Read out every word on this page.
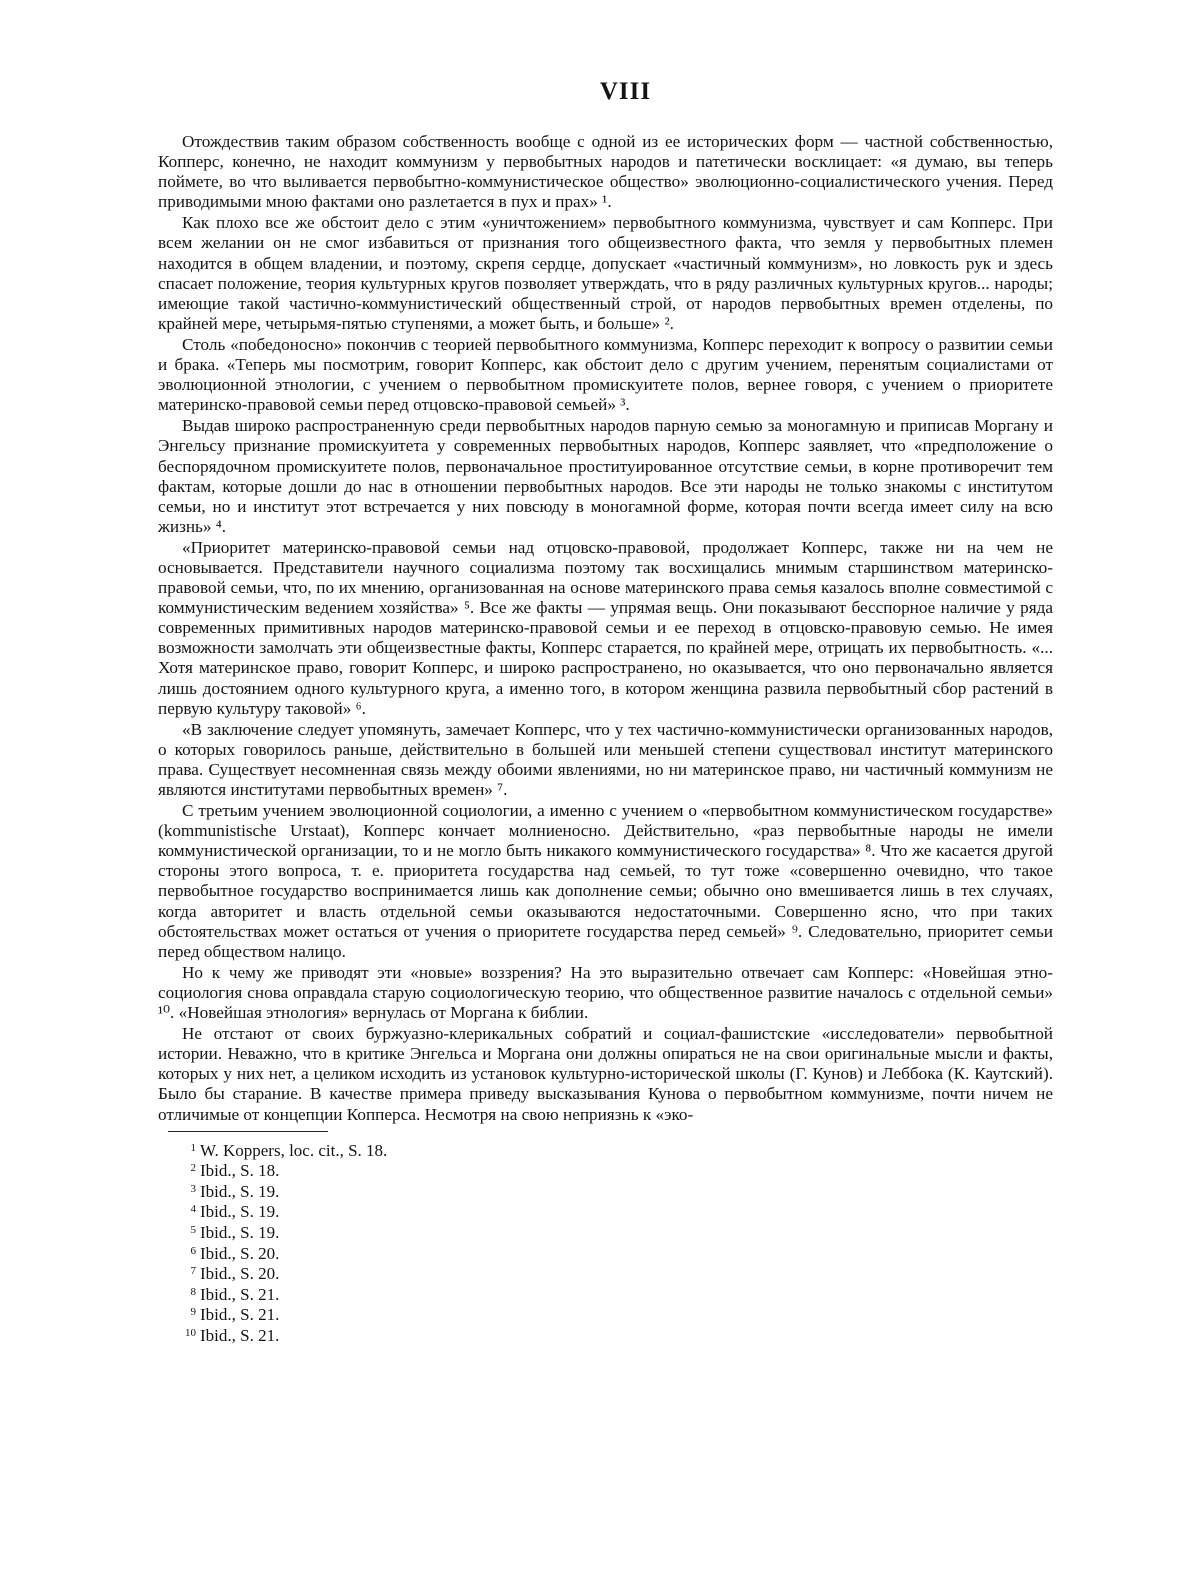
VIII

Отождествив таким образом собственность вообще с одной из ее исторических форм — частной собственностью, Копперс, конечно, не находит коммунизм у первобытных народов и патетически восклицает: «я думаю, вы теперь поймете, во что выливается первобытно-коммунистическое общество» эволюционно-социалистического учения. Перед приводимыми мною фактами оно разлетается в пух и прах» ¹.

Как плохо все же обстоит дело с этим «уничтожением» первобытного коммунизма, чувствует и сам Копперс. При всем желании он не смог избавиться от признания того общеизвестного факта, что земля у первобытных племен находится в общем владении, и поэтому, скрепя сердце, допускает «частичный коммунизм», но ловкость рук и здесь спасает положение, теория культурных кругов позволяет утверждать, что в ряду различных культурных кругов... народы; имеющие такой частично-коммунистический общественный строй, от народов первобытных времен отделены, по крайней мере, четырьмя-пятью ступенями, а может быть, и больше» ².

Столь «победоносно» покончив с теорией первобытного коммунизма, Копперс переходит к вопросу о развитии семьи и брака. «Теперь мы посмотрим, говорит Копперс, как обстоит дело с другим учением, перенятым социалистами от эволюционной этнологии, с учением о первобытном промискуитете полов, вернее говоря, с учением о приоритете материнско-правовой семьи перед отцовско-правовой семьей» ³.

Выдав широко распространенную среди первобытных народов парную семью за моногамную и приписав Моргану и Энгельсу признание промискуитета у современных первобытных народов, Копперс заявляет, что «предположение о беспорядочном промискуитете полов, первоначальное проституированное отсутствие семьи, в корне противоречит тем фактам, которые дошли до нас в отношении первобытных народов. Все эти народы не только знакомы с институтом семьи, но и институт этот встречается у них повсюду в моногамной форме, которая почти всегда имеет силу на всю жизнь» ⁴.

«Приоритет материнско-правовой семьи над отцовско-правовой, продолжает Копперс, также ни на чем не основывается. Представители научного социализма поэтому так восхищались мнимым старшинством материнско-правовой семьи, что, по их мнению, организованная на основе материнского права семья казалось вполне совместимой с коммунистическим ведением хозяйства» ⁵. Все же факты — упрямая вещь. Они показывают бесспорное наличие у ряда современных примитивных народов материнско-правовой семьи и ее переход в отцовско-правовую семью. Не имея возможности замолчать эти общеизвестные факты, Копперс старается, по крайней мере, отрицать их первобытность. «... Хотя материнское право, говорит Копперс, и широко распространено, но оказывается, что оно первоначально является лишь достоянием одного культурного круга, а именно того, в котором женщина развила первобытный сбор растений в первую культуру таковой» ⁶.

«В заключение следует упомянуть, замечает Копперс, что у тех частично-коммунистически организованных народов, о которых говорилось раньше, действительно в большей или меньшей степени существовал институт материнского права. Существует несомненная связь между обоими явлениями, но ни материнское право, ни частичный коммунизм не являются институтами первобытных времен» ⁷.

С третьим учением эволюционной социологии, а именно с учением о «первобытном коммунистическом государстве» (kommunistische Urstaat), Копперс кончает молниеносно. Действительно, «раз первобытные народы не имели коммунистической организации, то и не могло быть никакого коммунистического государства» ⁸. Что же касается другой стороны этого вопроса, т. е. приоритета государства над семьей, то тут тоже «совершенно очевидно, что такое первобытное государство воспринимается лишь как дополнение семьи; обычно оно вмешивается лишь в тех случаях, когда авторитет и власть отдельной семьи оказываются недостаточными. Совершенно ясно, что при таких обстоятельствах может остаться от учения о приоритете государства перед семьей» ⁹. Следовательно, приоритет семьи перед обществом налицо.

Но к чему же приводят эти «новые» воззрения? На это выразительно отвечает сам Копперс: «Новейшая этно-социология снова оправдала старую социологическую теорию, что общественное развитие началось с отдельной семьи» ¹⁰. «Новейшая этнология» вернулась от Моргана к библии.

Не отстают от своих буржуазно-клерикальных собратий и социал-фашистские «исследователи» первобытной истории. Неважно, что в критике Энгельса и Моргана они должны опираться не на свои оригинальные мысли и факты, которых у них нет, а целиком исходить из установок культурно-исторической школы (Г. Кунов) и Леббока (К. Каутский). Было бы старание. В качестве примера приведу высказывания Кунова о первобытном коммунизме, почти ничем не отличимые от концепции Копперса. Несмотря на свою неприязнь к «эко-

1 W. Koppers, loc. cit., S. 18.
2 Ibid., S. 18.
3 Ibid., S. 19.
4 Ibid., S. 19.
5 Ibid., S. 19.
6 Ibid., S. 20.
7 Ibid., S. 20.
8 Ibid., S. 21.
9 Ibid., S. 21.
10 Ibid., S. 21.
